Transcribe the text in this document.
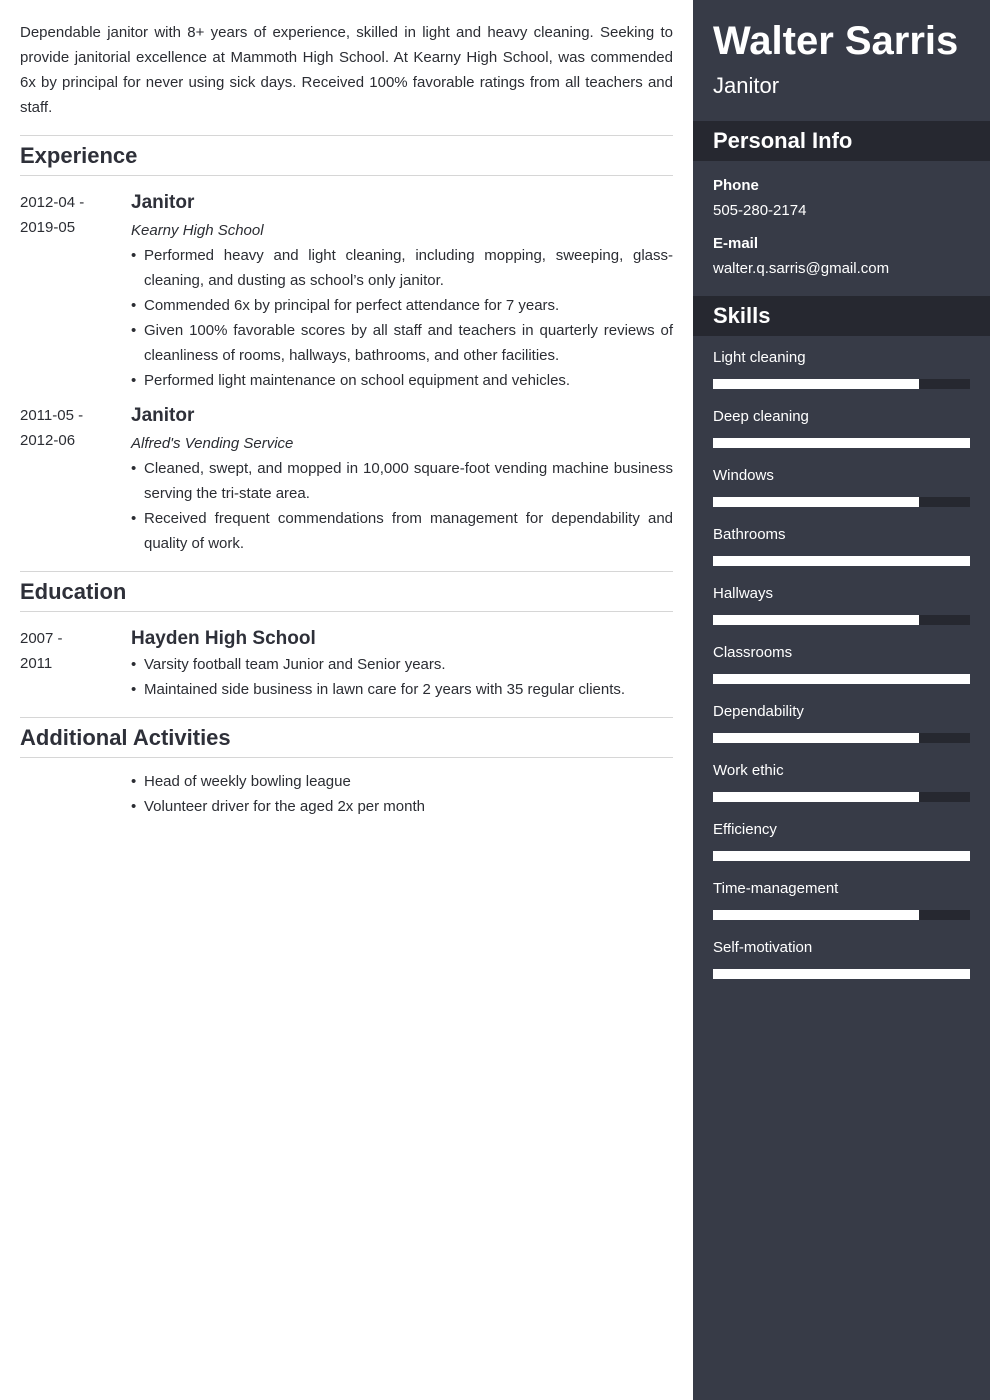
Dependable janitor with 8+ years of experience, skilled in light and heavy cleaning. Seeking to provide janitorial excellence at Mammoth High School. At Kearny High School, was commended 6x by principal for never using sick days. Received 100% favorable ratings from all teachers and staff.

Experience
2012-04 -
2019-05
Janitor
Kearny High School
• Performed heavy and light cleaning, including mopping, sweeping, glass-cleaning, and dusting as school’s only janitor.
• Commended 6x by principal for perfect attendance for 7 years.
• Given 100% favorable scores by all staff and teachers in quarterly reviews of cleanliness of rooms, hallways, bathrooms, and other facilities.
• Performed light maintenance on school equipment and vehicles.
2011-05 -
2012-06
Janitor
Alfred's Vending Service
• Cleaned, swept, and mopped in 10,000 square-foot vending machine business serving the tri-state area.
• Received frequent commendations from management for dependability and quality of work.
Education
2007 -
2011
Hayden High School
• Varsity football team Junior and Senior years.
• Maintained side business in lawn care for 2 years with 35 regular clients.
Additional Activities
• Head of weekly bowling league
• Volunteer driver for the aged 2x per month
Walter Sarris
Janitor
Personal Info
Phone
505-280-2174
E-mail
walter.q.sarris@gmail.com
Skills
Light cleaning
Deep cleaning
Windows
Bathrooms
Hallways
Classrooms
Dependability
Work ethic
Efficiency
Time-management
Self-motivation
